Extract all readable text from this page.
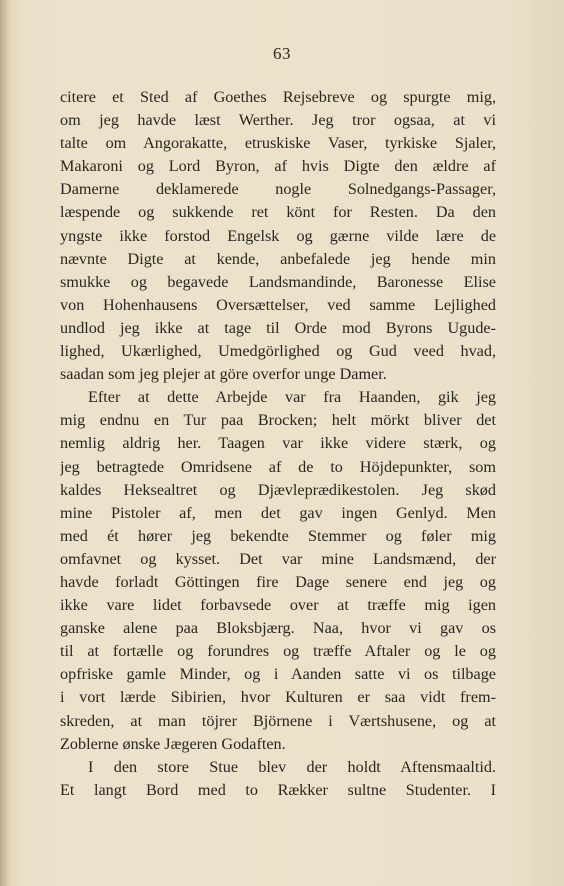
63
citere et Sted af Goethes Rejsebreve og spurgte mig,
om jeg havde læst Werther. Jeg tror ogsaa, at vi
talte om Angorakatte, etruskiske Vaser, tyrkiske Sjaler,
Makaroni og Lord Byron, af hvis Digte den ældre af
Damerne deklamerede nogle Solnedgangs-Passager,
læspende og sukkende ret könt for Resten. Da den
yngste ikke forstod Engelsk og gærne vilde lære de
nævnte Digte at kende, anbefalede jeg hende min
smukke og begavede Landsmandinde, Baronesse Elise
von Hohenhausens Oversættelser, ved samme Lejlighed
undlod jeg ikke at tage til Orde mod Byrons Ugude-
lighed, Ukærlighed, Umedgörlighed og Gud veed hvad,
saadan som jeg plejer at göre overfor unge Damer.
Efter at dette Arbejde var fra Haanden, gik jeg
mig endnu en Tur paa Brocken; helt mörkt bliver det
nemlig aldrig her. Taagen var ikke videre stærk, og
jeg betragtede Omridsene af de to Höjdepunkter, som
kaldes Heksealtret og Djævleprædikestolen. Jeg skød
mine Pistoler af, men det gav ingen Genlyd. Men
med ét hører jeg bekendte Stemmer og føler mig
omfavnet og kysset. Det var mine Landsmænd, der
havde forladt Göttingen fire Dage senere end jeg og
ikke vare lidet forbavsede over at træffe mig igen
ganske alene paa Bloksbjærg. Naa, hvor vi gav os
til at fortælle og forundres og træffe Aftaler og le og
opfriske gamle Minder, og i Aanden satte vi os tilbage
i vort lærde Sibirien, hvor Kulturen er saa vidt frem-
skreden, at man töjrer Björnene i Værtshusene, og at
Zoblerne ønske Jægeren Godaften.
I den store Stue blev der holdt Aftensmaaltid.
Et langt Bord med to Rækker sultne Studenter. I
